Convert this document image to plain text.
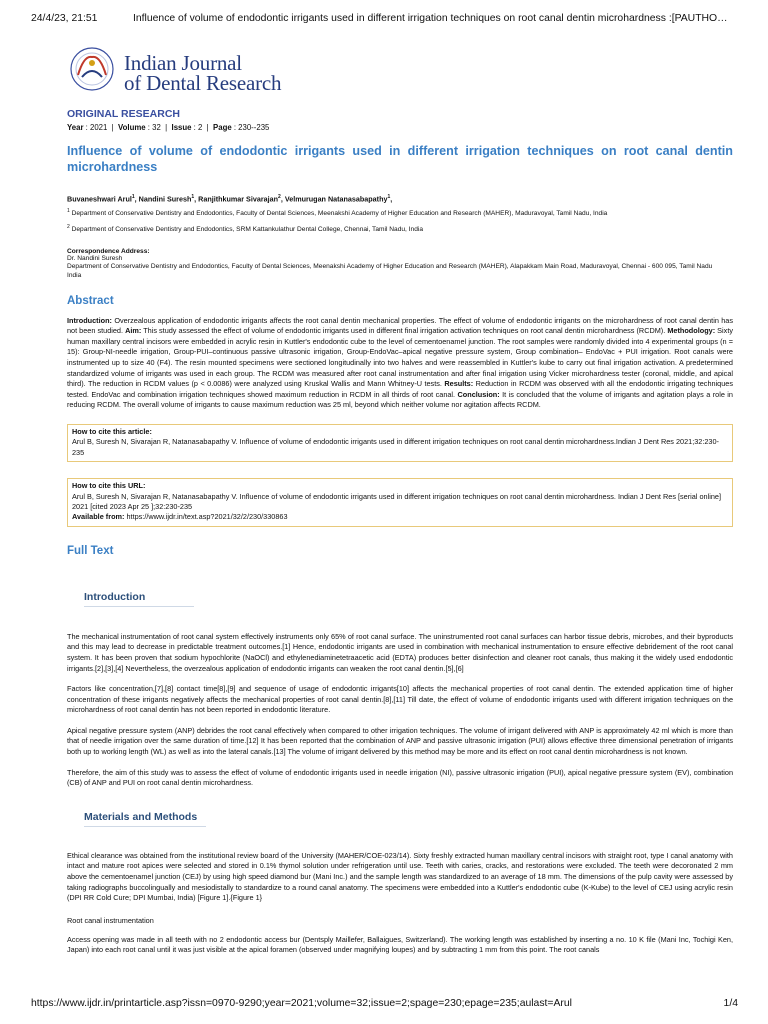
24/4/23, 21:51	Influence of volume of endodontic irrigants used in different irrigation techniques on root canal dentin microhardness :[PAUTHO…
Indian Journal
of Dental Research
ORIGINAL RESEARCH
Year : 2021  |  Volume : 32  |  Issue : 2  |  Page : 230--235
Influence of volume of endodontic irrigants used in different irrigation techniques on root canal dentin microhardness
Buvaneshwari Arul$^1$, Nandini Suresh$^1$, Ranjithkumar Sivarajan$^2$, Velmurugan Natanasabapathy$^1$,
$^1$ Department of Conservative Dentistry and Endodontics, Faculty of Dental Sciences, Meenakshi Academy of Higher Education and Research (MAHER), Maduravoyal, Tamil Nadu, India
$^2$ Department of Conservative Dentistry and Endodontics, SRM Kattankulathur Dental College, Chennai, Tamil Nadu, India
Correspondence Address:
Dr. Nandini Suresh
Department of Conservative Dentistry and Endodontics, Faculty of Dental Sciences, Meenakshi Academy of Higher Education and Research (MAHER), Alapakkam Main Road, Maduravoyal, Chennai - 600 095, Tamil Nadu
India
Abstract
Introduction: Overzealous application of endodontic irrigants affects the root canal dentin mechanical properties. The effect of volume of endodontic irrigants on the microhardness of root canal dentin has not been studied. Aim: This study assessed the effect of volume of endodontic irrigants used in different final irrigation activation techniques on root canal dentin microhardness (RCDM). Methodology: Sixty human maxillary central incisors were embedded in acrylic resin in Kuttler's endodontic cube to the level of cementoenamel junction. The root samples were randomly divided into 4 experimental groups (n = 15): Group-NI-needle irrigation, Group-PUI–continuous passive ultrasonic irrigation, Group-EndoVac–apical negative pressure system, Group combination– EndoVac + PUI irrigation. Root canals were instrumented up to size 40 (F4). The resin mounted specimens were sectioned longitudinally into two halves and were reassembled in Kuttler's kube to carry out final irrigation activation. A predetermined standardized volume of irrigants was used in each group. The RCDM was measured after root canal instrumentation and after final irrigation using Vicker microhardness tester (coronal, middle, and apical third). The reduction in RCDM values (p < 0.0086) were analyzed using Kruskal Wallis and Mann Whitney-U tests. Results: Reduction in RCDM was observed with all the endodontic irrigating techniques tested. EndoVac and combination irrigation techniques showed maximum reduction in RCDM in all thirds of root canal. Conclusion: It is concluded that the volume of irrigants and agitation plays a role in reducing RCDM. The overall volume of irrigants to cause maximum reduction was 25 ml, beyond which neither volume nor agitation affects RCDM.
How to cite this article:
Arul B, Suresh N, Sivarajan R, Natanasabapathy V. Influence of volume of endodontic irrigants used in different irrigation techniques on root canal dentin microhardness.Indian J Dent Res 2021;32:230-235
How to cite this URL:
Arul B, Suresh N, Sivarajan R, Natanasabapathy V. Influence of volume of endodontic irrigants used in different irrigation techniques on root canal dentin microhardness. Indian J Dent Res [serial online] 2021 [cited 2023 Apr 25 ];32:230-235
Available from: https://www.ijdr.in/text.asp?2021/32/2/230/330863
Full Text
Introduction
The mechanical instrumentation of root canal system effectively instruments only 65% of root canal surface. The uninstrumented root canal surfaces can harbor tissue debris, microbes, and their byproducts and this may lead to decrease in predictable treatment outcomes.[1] Hence, endodontic irrigants are used in combination with mechanical instrumentation to ensure effective debridement of the root canal system. It has been proven that sodium hypochlorite (NaOCl) and ethylenediaminetetraacetic acid (EDTA) produces better disinfection and cleaner root canals, thus making it the widely used endodontic irrigants.[2],[3],[4] Nevertheless, the overzealous application of endodontic irrigants can weaken the root canal dentin.[5],[6]
Factors like concentration,[7],[8] contact time[8],[9] and sequence of usage of endodontic irrigants[10] affects the mechanical properties of root canal dentin. The extended application time of higher concentration of these irrigants negatively affects the mechanical properties of root canal dentin.[8],[11] Till date, the effect of volume of endodontic irrigants used with different irrigation techniques on the microhardness of root canal dentin has not been reported in endodontic literature.
Apical negative pressure system (ANP) debrides the root canal effectively when compared to other irrigation techniques. The volume of irrigant delivered with ANP is approximately 42 ml which is more than that of needle irrigation over the same duration of time.[12] It has been reported that the combination of ANP and passive ultrasonic irrigation (PUI) allows effective three dimensional penetration of irrigants both up to working length (WL) as well as into the lateral canals.[13] The volume of irrigant delivered by this method may be more and its effect on root canal dentin microhardness is not known.
Therefore, the aim of this study was to assess the effect of volume of endodontic irrigants used in needle irrigation (NI), passive ultrasonic irrigation (PUI), apical negative pressure system (EV), combination (CB) of ANP and PUI on root canal dentin microhardness.
Materials and Methods
Ethical clearance was obtained from the institutional review board of the University (MAHER/COE-023/14). Sixty freshly extracted human maxillary central incisors with straight root, type I canal anatomy with intact and mature root apices were selected and stored in 0.1% thymol solution under refrigeration until use. Teeth with caries, cracks, and restorations were excluded. The teeth were decoronated 2 mm above the cementoenamel junction (CEJ) by using high speed diamond bur (Mani Inc.) and the sample length was standardized to an average of 18 mm. The dimensions of the pulp cavity were assessed by taking radiographs buccolingually and mesiodistally to standardize to a round canal anatomy. The specimens were embedded into a Kuttler's endodontic cube (K-Kube) to the level of CEJ using acrylic resin (DPI RR Cold Cure; DPI Mumbai, India) [Figure 1].{Figure 1}
Root canal instrumentation
Access opening was made in all teeth with no 2 endodontic access bur (Dentsply Maillefer, Ballaigues, Switzerland). The working length was established by inserting a no. 10 K file (Mani Inc, Tochigi Ken, Japan) into each root canal until it was just visible at the apical foramen (observed under magnifying loupes) and by subtracting 1 mm from this point. The root canals
https://www.ijdr.in/printarticle.asp?issn=0970-9290;year=2021;volume=32;issue=2;spage=230;epage=235;aulast=Arul	1/4
